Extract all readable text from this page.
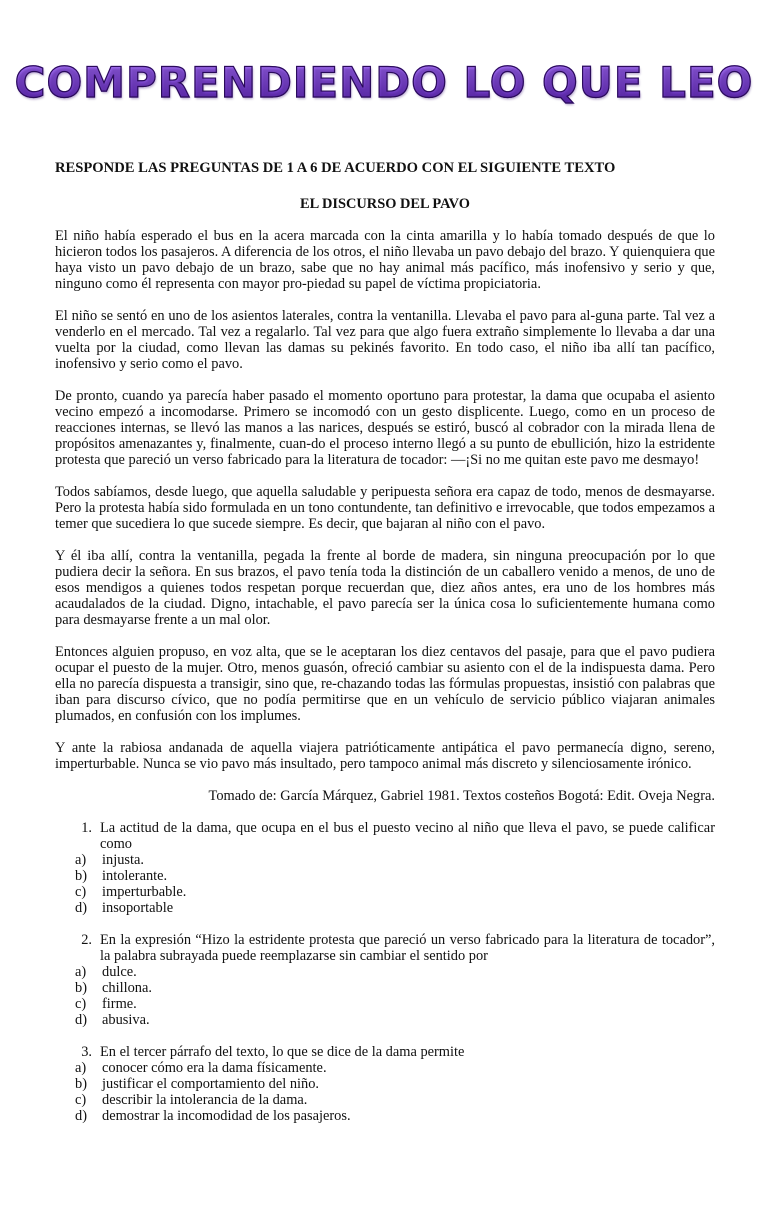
COMPRENDIENDO LO QUE LEO

RESPONDE LAS PREGUNTAS DE 1 A 6 DE ACUERDO CON EL SIGUIENTE TEXTO

EL DISCURSO DEL PAVO

El niño había esperado el bus en la acera marcada con la cinta amarilla y lo había tomado después de que lo hicieron todos los pasajeros. A diferencia de los otros, el niño llevaba un pavo debajo del brazo. Y quienquiera que haya visto un pavo debajo de un brazo, sabe que no hay animal más pacífico, más inofensivo y serio y que, ninguno como él representa con mayor pro-piedad su papel de víctima propiciatoria.

El niño se sentó en uno de los asientos laterales, contra la ventanilla. Llevaba el pavo para al-guna parte. Tal vez a venderlo en el mercado. Tal vez a regalarlo. Tal vez para que algo fuera extraño simplemente lo llevaba a dar una vuelta por la ciudad, como llevan las damas su pekinés favorito. En todo caso, el niño iba allí tan pacífico, inofensivo y serio como el pavo.

De pronto, cuando ya parecía haber pasado el momento oportuno para protestar, la dama que ocupaba el asiento vecino empezó a incomodarse. Primero se incomodó con un gesto displicente. Luego, como en un proceso de reacciones internas, se llevó las manos a las narices, después se estiró, buscó al cobrador con la mirada llena de propósitos amenazantes y, finalmente, cuan-do el proceso interno llegó a su punto de ebullición, hizo la estridente protesta que pareció un verso fabricado para la literatura de tocador: —¡Si no me quitan este pavo me desmayo!

Todos sabíamos, desde luego, que aquella saludable y peripuesta señora era capaz de todo, menos de desmayarse. Pero la protesta había sido formulada en un tono contundente, tan definitivo e irrevocable, que todos empezamos a temer que sucediera lo que sucede siempre. Es decir, que bajaran al niño con el pavo.

Y él iba allí, contra la ventanilla, pegada la frente al borde de madera, sin ninguna preocupación por lo que pudiera decir la señora. En sus brazos, el pavo tenía toda la distinción de un caballero venido a menos, de uno de esos mendigos a quienes todos respetan porque recuerdan que, diez años antes, era uno de los hombres más acaudalados de la ciudad. Digno, intachable, el pavo parecía ser la única cosa lo suficientemente humana como para desmayarse frente a un mal olor.

Entonces alguien propuso, en voz alta, que se le aceptaran los diez centavos del pasaje, para que el pavo pudiera ocupar el puesto de la mujer. Otro, menos guasón, ofreció cambiar su asiento con el de la indispuesta dama. Pero ella no parecía dispuesta a transigir, sino que, re-chazando todas las fórmulas propuestas, insistió con palabras que iban para discurso cívico, que no podía permitirse que en un vehículo de servicio público viajaran animales plumados, en confusión con los implumes.

Y ante la rabiosa andanada de aquella viajera patrióticamente antipática el pavo permanecía digno, sereno, imperturbable. Nunca se vio pavo más insultado, pero tampoco animal más discreto y silenciosamente irónico.

Tomado de: García Márquez, Gabriel 1981. Textos costeños Bogotá: Edit. Oveja Negra.

1. La actitud de la dama, que ocupa en el bus el puesto vecino al niño que lleva el pavo, se puede calificar como
a)	injusta.
b)	intolerante.
c)	imperturbable.
d)	insoportable
2. En la expresión “Hizo la estridente protesta que pareció un verso fabricado para la literatura de tocador”, la palabra subrayada puede reemplazarse sin cambiar el sentido por
a)	dulce.
b)	chillona.
c)	firme.
d)	abusiva.
3. En el tercer párrafo del texto, lo que se dice de la dama permite
a)	conocer cómo era la dama físicamente.
b)	justificar el comportamiento del niño.
c)	describir la intolerancia de la dama.
d)	demostrar la incomodidad de los pasajeros.
